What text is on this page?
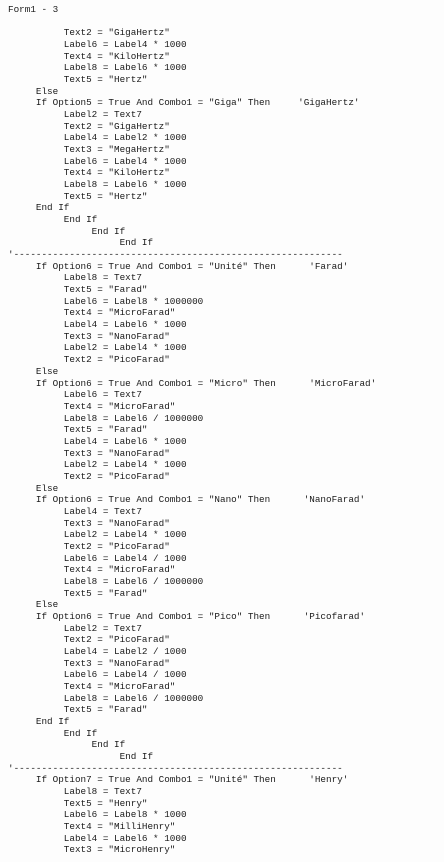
Form1 - 3
Text2 = "GigaHertz"
Label6 = Label4 * 1000
Text4 = "KiloHertz"
Label8 = Label6 * 1000
Text5 = "Hertz"
Else
If Option5 = True And Combo1 = "Giga" Then     'GigaHertz'
Label2 = Text7
Text2 = "GigaHertz"
Label4 = Label2 * 1000
Text3 = "MegaHertz"
Label6 = Label4 * 1000
Text4 = "KiloHertz"
Label8 = Label6 * 1000
Text5 = "Hertz"
End If
End If
End If
End If
'-----------------------------------------------------------
If Option6 = True And Combo1 = "Unité" Then      'Farad'
Label8 = Text7
Text5 = "Farad"
Label6 = Label8 * 1000000
Text4 = "MicroFarad"
Label4 = Label6 * 1000
Text3 = "NanoFarad"
Label2 = Label4 * 1000
Text2 = "PicoFarad"
Else
If Option6 = True And Combo1 = "Micro" Then      'MicroFarad'
Label6 = Text7
Text4 = "MicroFarad"
Label8 = Label6 / 1000000
Text5 = "Farad"
Label4 = Label6 * 1000
Text3 = "NanoFarad"
Label2 = Label4 * 1000
Text2 = "PicoFarad"
Else
If Option6 = True And Combo1 = "Nano" Then      'NanoFarad'
Label4 = Text7
Text3 = "NanoFarad"
Label2 = Label4 * 1000
Text2 = "PicoFarad"
Label6 = Label4 / 1000
Text4 = "MicroFarad"
Label8 = Label6 / 1000000
Text5 = "Farad"
Else
If Option6 = True And Combo1 = "Pico" Then      'Picofarad'
Label2 = Text7
Text2 = "PicoFarad"
Label4 = Label2 / 1000
Text3 = "NanoFarad"
Label6 = Label4 / 1000
Text4 = "MicroFarad"
Label8 = Label6 / 1000000
Text5 = "Farad"
End If
End If
End If
End If
'-----------------------------------------------------------
If Option7 = True And Combo1 = "Unité" Then      'Henry'
Label8 = Text7
Text5 = "Henry"
Label6 = Label8 * 1000
Text4 = "MilliHenry"
Label4 = Label6 * 1000
Text3 = "MicroHenry"
